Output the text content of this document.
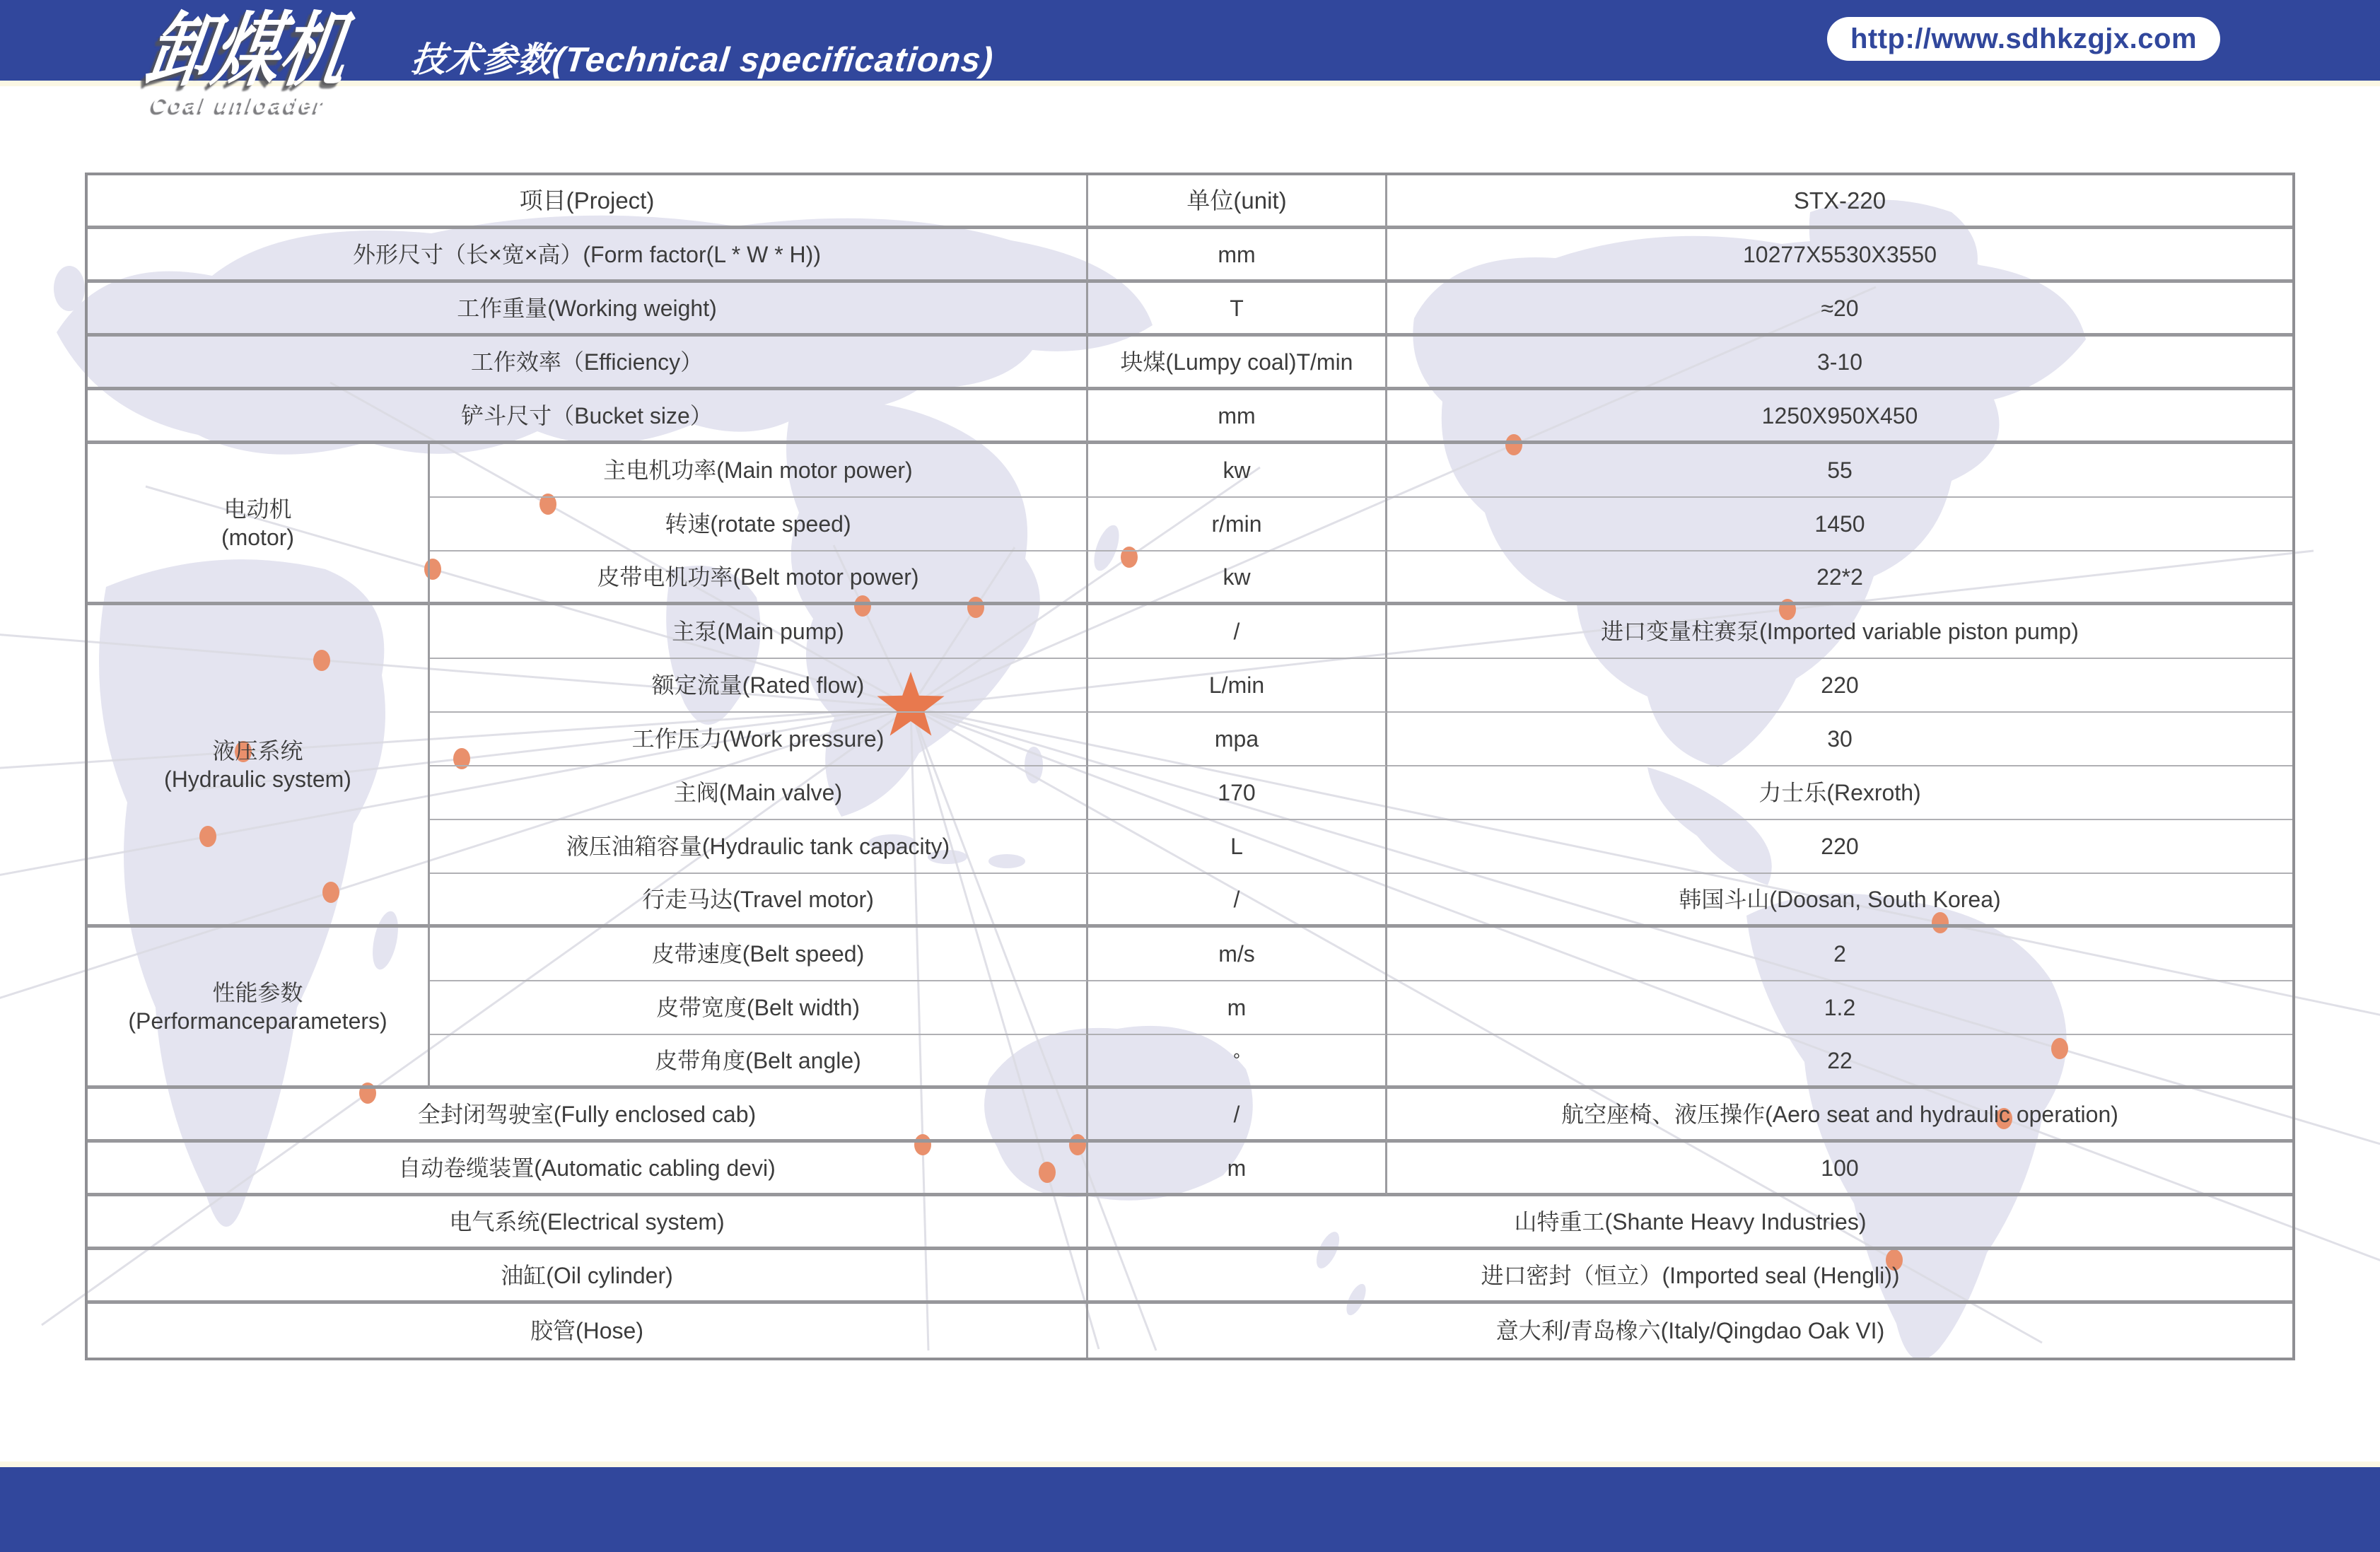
卸煤机
Coal unloader
技术参数(Technical specifications)
http://www.sdhkzgjx.com
项目(Project)	单位(unit)	STX-220
外形尺寸（长×宽×高）(Form factor(L * W * H))	mm	10277X5530X3550
工作重量(Working weight)	T	≈20
工作效率（Efficiency）	块煤(Lumpy coal)T/min	3-10
铲斗尺寸（Bucket size）	mm	1250X950X450
电动机
(motor)
主电机功率(Main motor power)	kw	55
转速(rotate speed)	r/min	1450
皮带电机功率(Belt motor power)	kw	22*2
液压系统
(Hydraulic system)
主泵(Main pump)	/	进口变量柱赛泵(Imported variable piston pump)
额定流量(Rated flow)	L/min	220
工作压力(Work pressure)	mpa	30
主阀(Main valve)	170	力士乐(Rexroth)
液压油箱容量(Hydraulic tank capacity)	L	220
行走马达(Travel motor)	/	韩国斗山(Doosan, South Korea)
性能参数
(Performanceparameters)
皮带速度(Belt speed)	m/s	2
皮带宽度(Belt width)	m	1.2
皮带角度(Belt angle)	°	22
全封闭驾驶室(Fully enclosed cab)	/	航空座椅、液压操作(Aero seat and hydraulic operation)
自动卷缆装置(Automatic cabling devi)	m	100
电气系统(Electrical system)	山特重工(Shante Heavy Industries)
油缸(Oil cylinder)	进口密封（恒立）(Imported seal (Hengli))
胶管(Hose)	意大利/青岛橡六(Italy/Qingdao Oak VI)
